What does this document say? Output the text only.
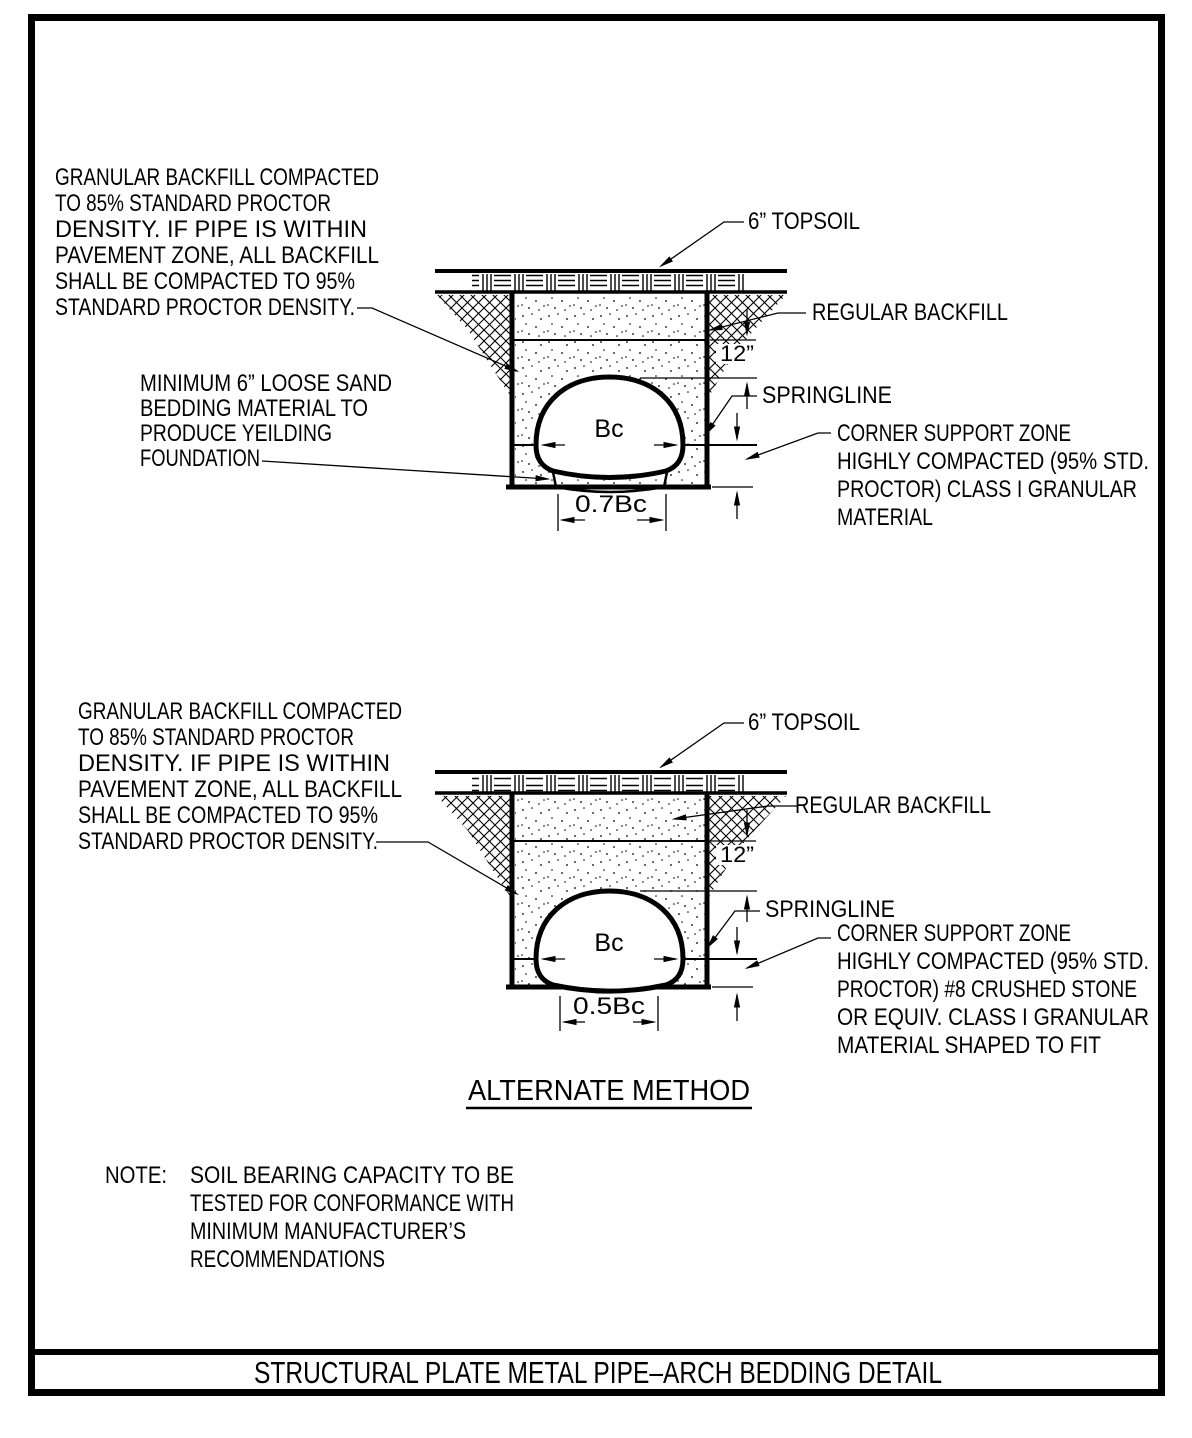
GRANULAR BACKFILL COMPACTED
TO 85% STANDARD PROCTOR
DENSITY. IF PIPE IS WITHIN
PAVEMENT ZONE, ALL BACKFILL
SHALL BE COMPACTED TO 95%
STANDARD PROCTOR DENSITY.
MINIMUM 6” LOOSE SAND
BEDDING MATERIAL TO
PRODUCE YEILDING
FOUNDATION
6” TOPSOIL
REGULAR BACKFILL
12”
SPRINGLINE
Bc
0.7Bc
CORNER SUPPORT ZONE
HIGHLY COMPACTED (95% STD.
PROCTOR) CLASS I GRANULAR
MATERIAL
GRANULAR BACKFILL COMPACTED
TO 85% STANDARD PROCTOR
DENSITY. IF PIPE IS WITHIN
PAVEMENT ZONE, ALL BACKFILL
SHALL BE COMPACTED TO 95%
STANDARD PROCTOR DENSITY.
6” TOPSOIL
REGULAR BACKFILL
12”
SPRINGLINE
Bc
0.5Bc
CORNER SUPPORT ZONE
HIGHLY COMPACTED (95% STD.
PROCTOR) #8 CRUSHED STONE
OR EQUIV. CLASS I GRANULAR
MATERIAL SHAPED TO FIT
ALTERNATE METHOD
NOTE: SOIL BEARING CAPACITY TO BE
TESTED FOR CONFORMANCE WITH
MINIMUM MANUFACTURER’S
RECOMMENDATIONS
STRUCTURAL PLATE METAL PIPE–ARCH BEDDING DETAIL
